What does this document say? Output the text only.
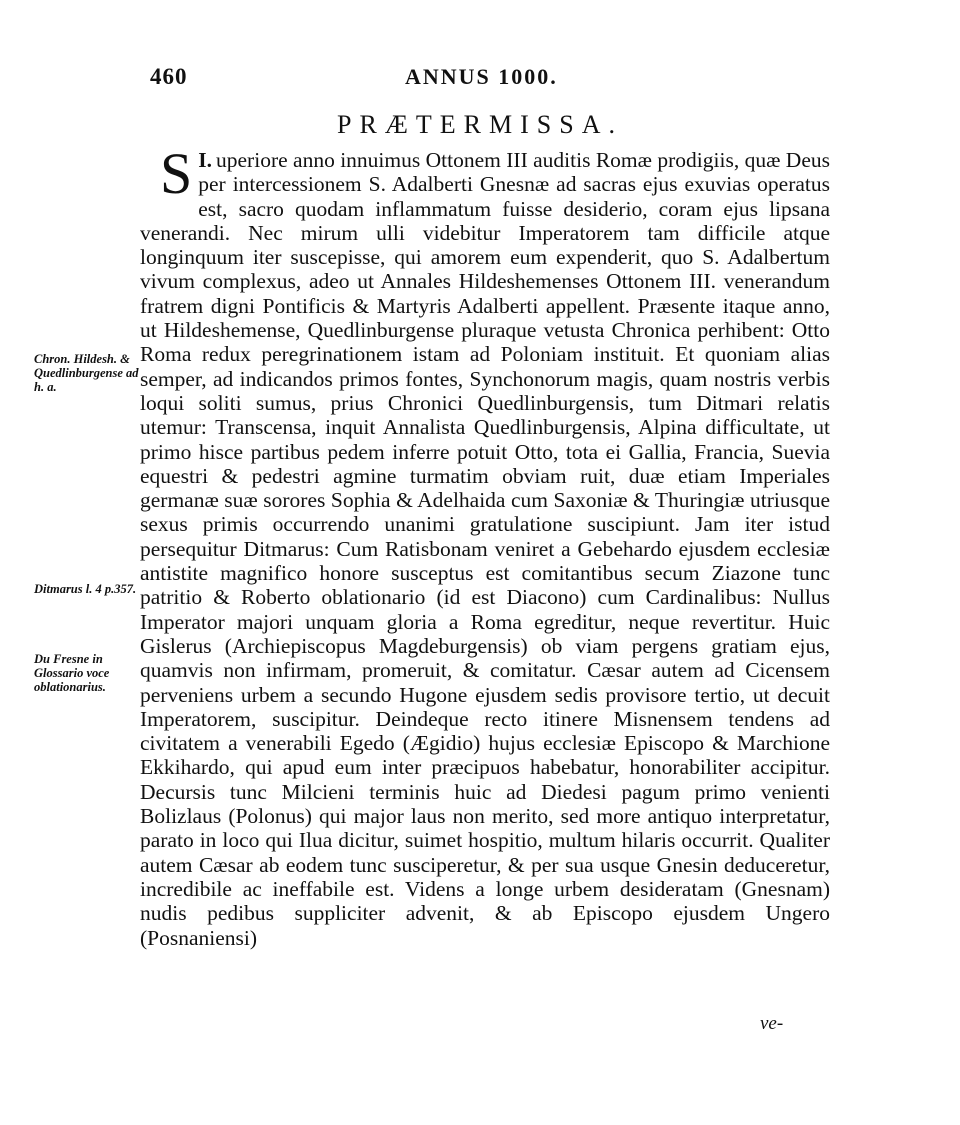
460	ANNUS 1000.
PRÆTERMISSA.

I.
S uperiore anno innuimus Ottonem III auditis Romæ prodigiis, quæ Deus per intercessionem S. Adalberti Gnesnæ ad sacras ejus exuvias operatus est, sacro quodam inflammatum fuisse desiderio, coram ejus lipsana venerandi. Nec mirum ulli videbitur Imperatorem tam difficile atque longinquum iter suscepisse, qui amorem eum expenderit, quo S. Adalbertum vivum complexus, adeo ut Annales Hildeshemenses Ottonem III. venerandum fratrem digni Pontificis & Martyris Adalberti appellent. Præsente itaque anno, ut Hildeshemense, Quedlinburgense pluraque vetusta Chronica perhibent: Otto Roma redux peregrinationem istam ad Poloniam instituit. Et quoniam alias semper, ad indicandos primos fontes, Synchonorum magis, quam nostris verbis loqui soliti sumus, prius Chronici Quedlinburgensis, tum Ditmari relatis utemur: Transcensa, inquit Annalista Quedlinburgensis, Alpina difficultate, ut primo hisce partibus pedem inferre potuit Otto, tota ei Gallia, Francia, Suevia equestri & pedestri agmine turmatim obviam ruit, duæ etiam Imperiales germanæ suæ sorores Sophia & Adelhaida cum Saxoniæ & Thuringiæ utriusque sexus primis occurrendo unanimi gratulatione suscipiunt. Jam iter istud persequitur Ditmarus: Cum Ratisbonam veniret a Gebehardo ejusdem ecclesiæ antistite magnifico honore susceptus est comitantibus secum Ziazone tunc patritio & Roberto oblationario (id est Diacono) cum Cardinalibus: Nullus Imperator majori unquam gloria a Roma egreditur, neque revertitur. Huic Gislerus (Archiepiscopus Magdeburgensis) ob viam pergens gratiam ejus, quamvis non infirmam, promeruit, & comitatur. Cæsar autem ad Cicensem perveniens urbem a secundo Hugone ejusdem sedis provisore tertio, ut decuit Imperatorem, suscipitur. Deindeque recto itinere Misnensem tendens ad civitatem a venerabili Egedo (Ægidio) hujus ecclesiæ Episcopo & Marchione Ekkihardo, qui apud eum inter præcipuos habebatur, honorabiliter accipitur. Decursis tunc Milcieni terminis huic ad Diedesi pagum primo venienti Bolizlaus (Polonus) qui major laus non merito, sed more antiquo interpretatur, parato in loco qui Ilua dicitur, suimet hospitio, multum hilaris occurrit. Qualiter autem Cæsar ab eodem tunc susciperetur, & per sua usque Gnesin deduceretur, incredibile ac ineffabile est. Videns a longe urbem desideratam (Gnesnam) nudis pedibus suppliciter advenit, & ab Episcopo ejusdem Ungero (Posnaniensi)

Chron. Hildesh. & Quedlinburgense ad h. a.
Ditmarus l. 4 p.357.
Du Fresne in Glossario voce oblationarius.
ve-
